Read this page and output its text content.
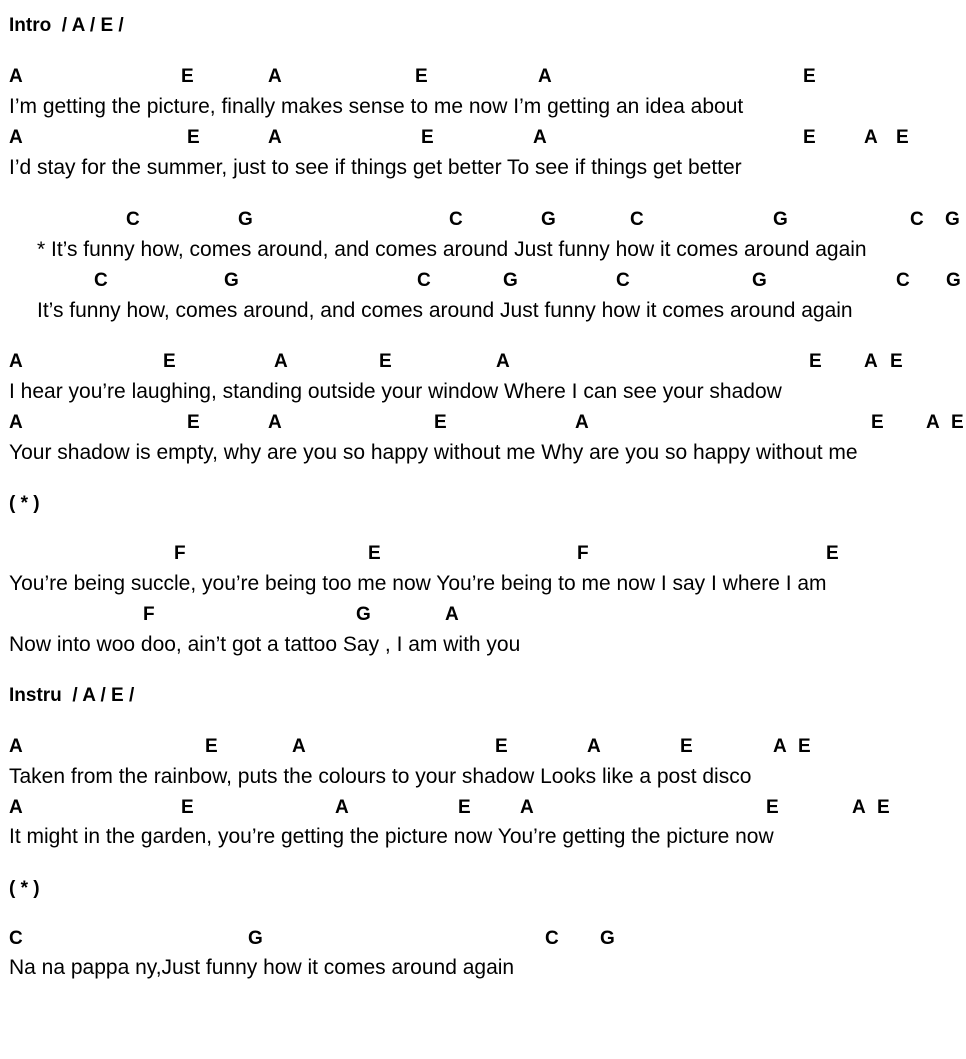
Intro  / A / E /
A	E	A	E	A	E
I’m getting the picture, finally makes sense to me now I’m getting an idea about
A	E	A	E	A	E	A E
I’d stay for the summer, just to see if things get better To see if things get better
C	G	C	G	C	G	C G
* It’s funny how, comes around, and comes around Just funny how it comes around again
C	G	C	G	C	G	C G
It’s funny how, comes around, and comes around Just funny how it comes around again
A	E	A	E	A	E A E
I hear you’re laughing, standing outside your window Where I can see your shadow
A	E	A	E	A	E A E
Your shadow is empty, why are you so happy without me Why are you so happy without me
( * )
F	E	F	E
You’re being succle, you’re being too me now You’re being to me now I say I where I am
F	G	A
Now into woo doo, ain’t got a tattoo Say , I am with you
Instru  / A / E /
A	E	A	E	A	E	A E
Taken from the rainbow, puts the colours to your shadow Looks like a post disco
A	E	A	E	A	E	A E
It might in the garden, you’re getting the picture now You’re getting the picture now
( * )
C	G	C G
Na na pappa ny,Just funny how it comes around again
